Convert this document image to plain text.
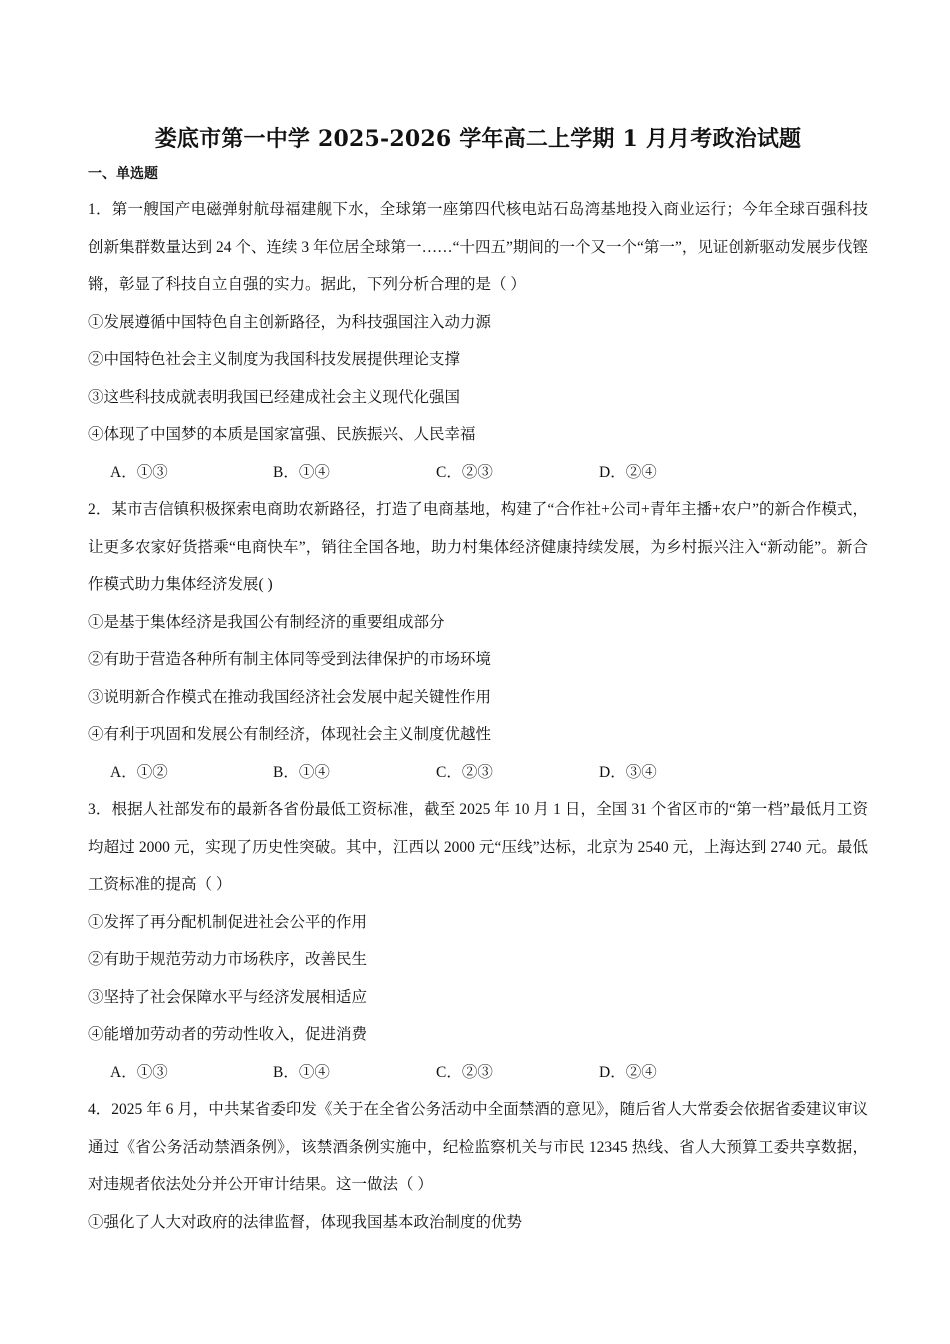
娄底市第一中学 2025-2026 学年高二上学期 1 月月考政治试题
一、单选题

1．第一艘国产电磁弹射航母福建舰下水，全球第一座第四代核电站石岛湾基地投入商业运行；今年全球百强科技创新集群数量达到 24 个、连续 3 年位居全球第一……“十四五”期间的一个又一个“第一”，见证创新驱动发展步伐铿锵，彰显了科技自立自强的实力。据此，下列分析合理的是（ ）

①发展遵循中国特色自主创新路径，为科技强国注入动力源

②中国特色社会主义制度为我国科技发展提供理论支撑

③这些科技成就表明我国已经建成社会主义现代化强国

④体现了中国梦的本质是国家富强、民族振兴、人民幸福

A．①③	B．①④	C．②③	D．②④

2．某市吉信镇积极探索电商助农新路径，打造了电商基地，构建了“合作社+公司+青年主播+农户”的新合作模式，让更多农家好货搭乘“电商快车”，销往全国各地，助力村集体经济健康持续发展，为乡村振兴注入“新动能”。新合作模式助力集体经济发展( )

①是基于集体经济是我国公有制经济的重要组成部分

②有助于营造各种所有制主体同等受到法律保护的市场环境

③说明新合作模式在推动我国经济社会发展中起关键性作用

④有利于巩固和发展公有制经济，体现社会主义制度优越性

A．①②	B．①④	C．②③	D．③④

3．根据人社部发布的最新各省份最低工资标准，截至 2025 年 10 月 1 日，全国 31 个省区市的“第一档”最低月工资均超过 2000 元，实现了历史性突破。其中，江西以 2000 元“压线”达标，北京为 2540 元，上海达到 2740 元。最低工资标准的提高（ ）

①发挥了再分配机制促进社会公平的作用

②有助于规范劳动力市场秩序，改善民生

③坚持了社会保障水平与经济发展相适应

④能增加劳动者的劳动性收入，促进消费

A．①③	B．①④	C．②③	D．②④

4．2025 年 6 月，中共某省委印发《关于在全省公务活动中全面禁酒的意见》，随后省人大常委会依据省委建议审议通过《省公务活动禁酒条例》，该禁酒条例实施中，纪检监察机关与市民 12345 热线、省人大预算工委共享数据，对违规者依法处分并公开审计结果。这一做法（ ）

①强化了人大对政府的法律监督，体现我国基本政治制度的优势
